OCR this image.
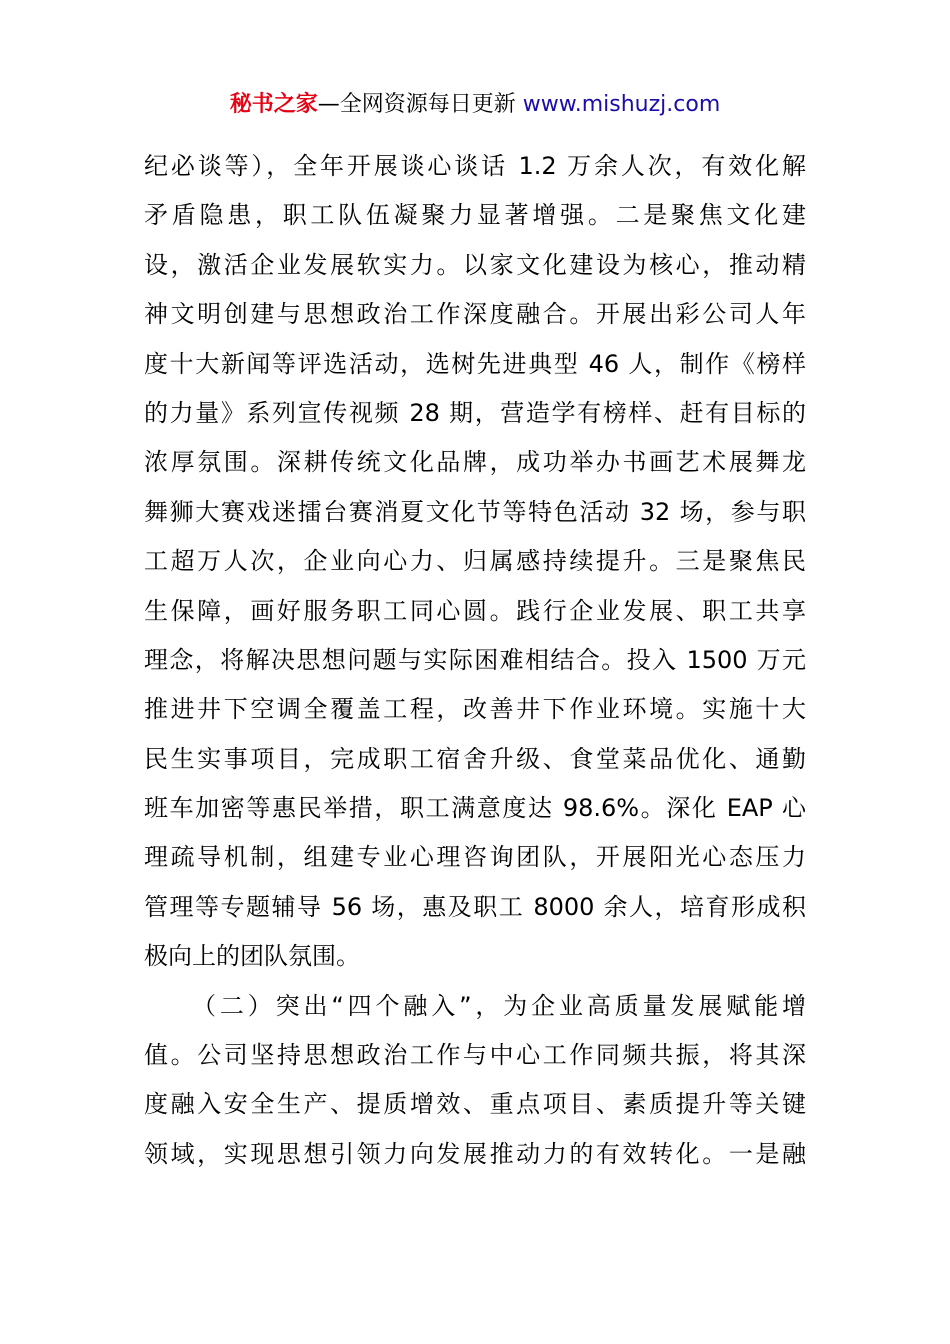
秘书之家—全网资源每日更新 www.mishuzj.com
纪必谈等），全年开展谈心谈话 1.2 万余人次，有效化解
矛盾隐患，职工队伍凝聚力显著增强。二是聚焦文化建
设，激活企业发展软实力。以家文化建设为核心，推动精
神文明创建与思想政治工作深度融合。开展出彩公司人年
度十大新闻等评选活动，选树先进典型 46 人，制作《榜样
的力量》系列宣传视频 28 期，营造学有榜样、赶有目标的
浓厚氛围。深耕传统文化品牌，成功举办书画艺术展舞龙
舞狮大赛戏迷擂台赛消夏文化节等特色活动 32 场，参与职
工超万人次，企业向心力、归属感持续提升。三是聚焦民
生保障，画好服务职工同心圆。践行企业发展、职工共享
理念，将解决思想问题与实际困难相结合。投入 1500 万元
推进井下空调全覆盖工程，改善井下作业环境。实施十大
民生实事项目，完成职工宿舍升级、食堂菜品优化、通勤
班车加密等惠民举措，职工满意度达 98.6%。深化 EAP 心
理疏导机制，组建专业心理咨询团队，开展阳光心态压力
管理等专题辅导 56 场，惠及职工 8000 余人，培育形成积
极向上的团队氛围。
（二）突出“四个融入”，为企业高质量发展赋能增
值。公司坚持思想政治工作与中心工作同频共振，将其深
度融入安全生产、提质增效、重点项目、素质提升等关键
领域，实现思想引领力向发展推动力的有效转化。一是融
